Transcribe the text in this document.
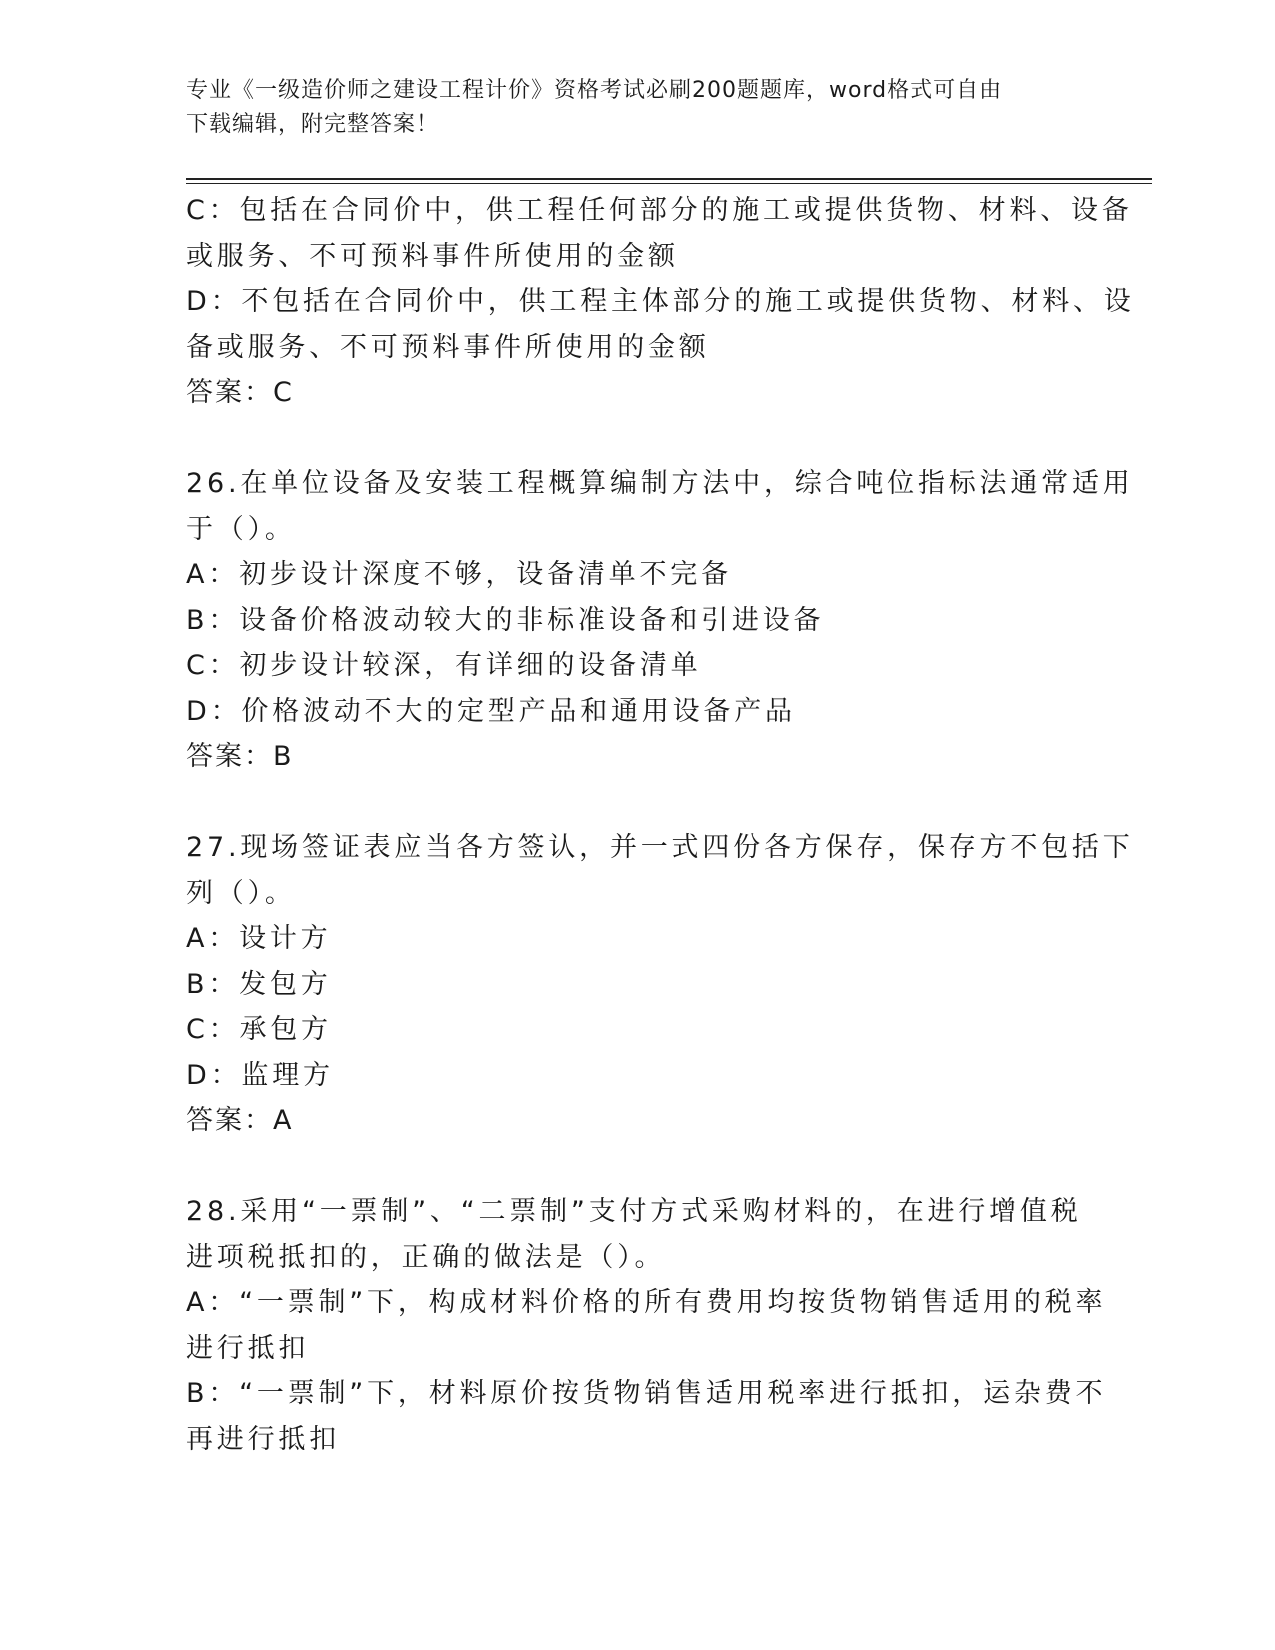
专业《一级造价师之建设工程计价》资格考试必刷200题题库，word格式可自由
下载编辑，附完整答案！
C：包括在合同价中，供工程任何部分的施工或提供货物、材料、设备
或服务、不可预料事件所使用的金额
D：不包括在合同价中，供工程主体部分的施工或提供货物、材料、设
备或服务、不可预料事件所使用的金额
答案：C
26.在单位设备及安装工程概算编制方法中，综合吨位指标法通常适用
于（）。
A：初步设计深度不够，设备清单不完备
B：设备价格波动较大的非标准设备和引进设备
C：初步设计较深，有详细的设备清单
D：价格波动不大的定型产品和通用设备产品
答案：B
27.现场签证表应当各方签认，并一式四份各方保存，保存方不包括下
列（）。
A：设计方
B：发包方
C：承包方
D：监理方
答案：A
28.采用“一票制”、“二票制”支付方式采购材料的，在进行增值税
进项税抵扣的，正确的做法是（）。
A：“一票制”下，构成材料价格的所有费用均按货物销售适用的税率
进行抵扣
B：“一票制”下，材料原价按货物销售适用税率进行抵扣，运杂费不
再进行抵扣
